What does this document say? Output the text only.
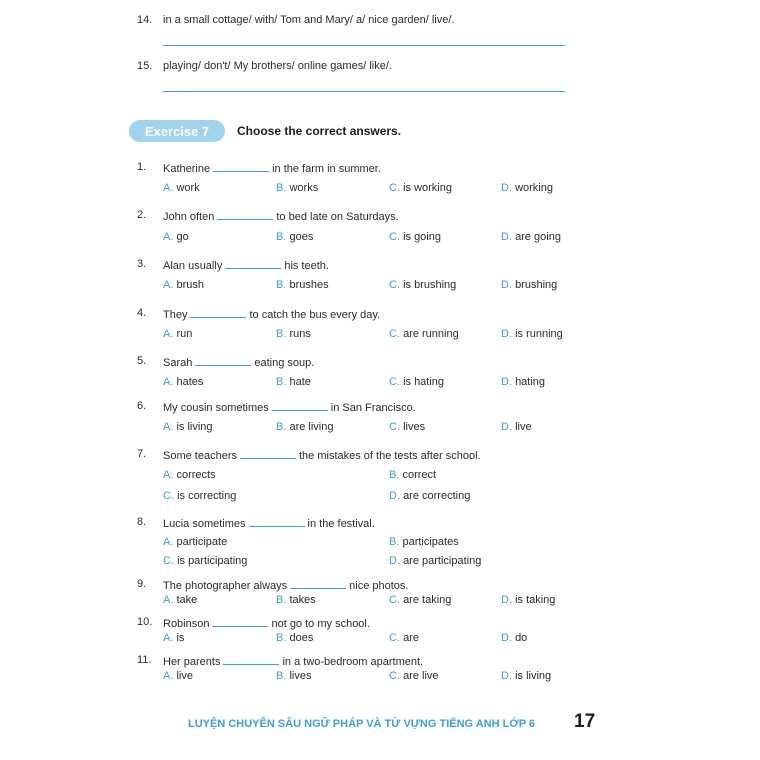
14. in a small cottage/ with/ Tom and Mary/ a/ nice garden/ live/.
15. playing/ don't/ My brothers/ online games/ like/.
Exercise 7	Choose the correct answers.
1. Katherine	in the farm in summer.
A. work	B. works	C. is working	D. working
2. John often	to bed late on Saturdays.
A. go	B. goes	C. is going	D. are going
3. Alan usually	his teeth.
A. brush	B. brushes	C. is brushing	D. brushing
4. They	to catch the bus every day.
A. run	B. runs	C. are running	D. is running
5. Sarah	eating soup.
A. hates	B. hate	C. is hating	D. hating
6. My cousin sometimes	in San Francisco.
A. is living	B. are living	C. lives	D. live
7. Some teachers	the mistakes of the tests after school.
A. corrects	B. correct
C. is correcting	D. are correcting
8. Lucia sometimes	in the festival.
A. participate	B. participates
C. is participating	D. are participating
9. The photographer always	nice photos.
A. take	B. takes	C. are taking	D. is taking
10. Robinson	not go to my school.
A. is	B. does	C. are	D. do
11. Her parents	in a two-bedroom apartment.
A. live	B. lives	C. are live	D. is living
LUYỆN CHUYÊN SÂU NGỮ PHÁP VÀ TỪ VỰNG TIẾNG ANH LỚP 6 17
